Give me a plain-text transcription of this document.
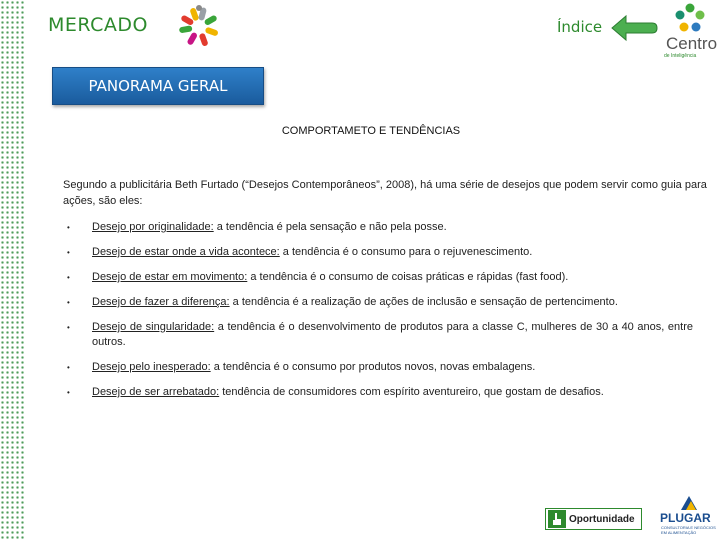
MERCADO	Índice
Centro
de Inteligência
PANORAMA GERAL
COMPORTAMETO E TENDÊNCIAS
Segundo a publicitária Beth Furtado (“Desejos Contemporâneos”, 2008), há uma série de desejos que podem servir como guia para ações, são eles:
• Desejo por originalidade: a tendência é pela sensação e não pela posse.
• Desejo de estar onde a vida acontece: a tendência é o consumo para o rejuvenescimento.
• Desejo de estar em movimento: a tendência é o consumo de coisas práticas e rápidas (fast food).
• Desejo de fazer a diferença: a tendência é a realização de ações de inclusão e sensação de pertencimento.
• Desejo de singularidade: a tendência é o desenvolvimento de produtos para a classe C, mulheres de 30 a 40 anos, entre outros.
• Desejo pelo inesperado: a tendência é o consumo por produtos novos, novas embalagens.
• Desejo de ser arrebatado: tendência de consumidores com espírito aventureiro, que gostam de desafios.
Oportunidade PLUGAR
CONSULTORIA E NEGÓCIOS EM ALIMENTAÇÃO
